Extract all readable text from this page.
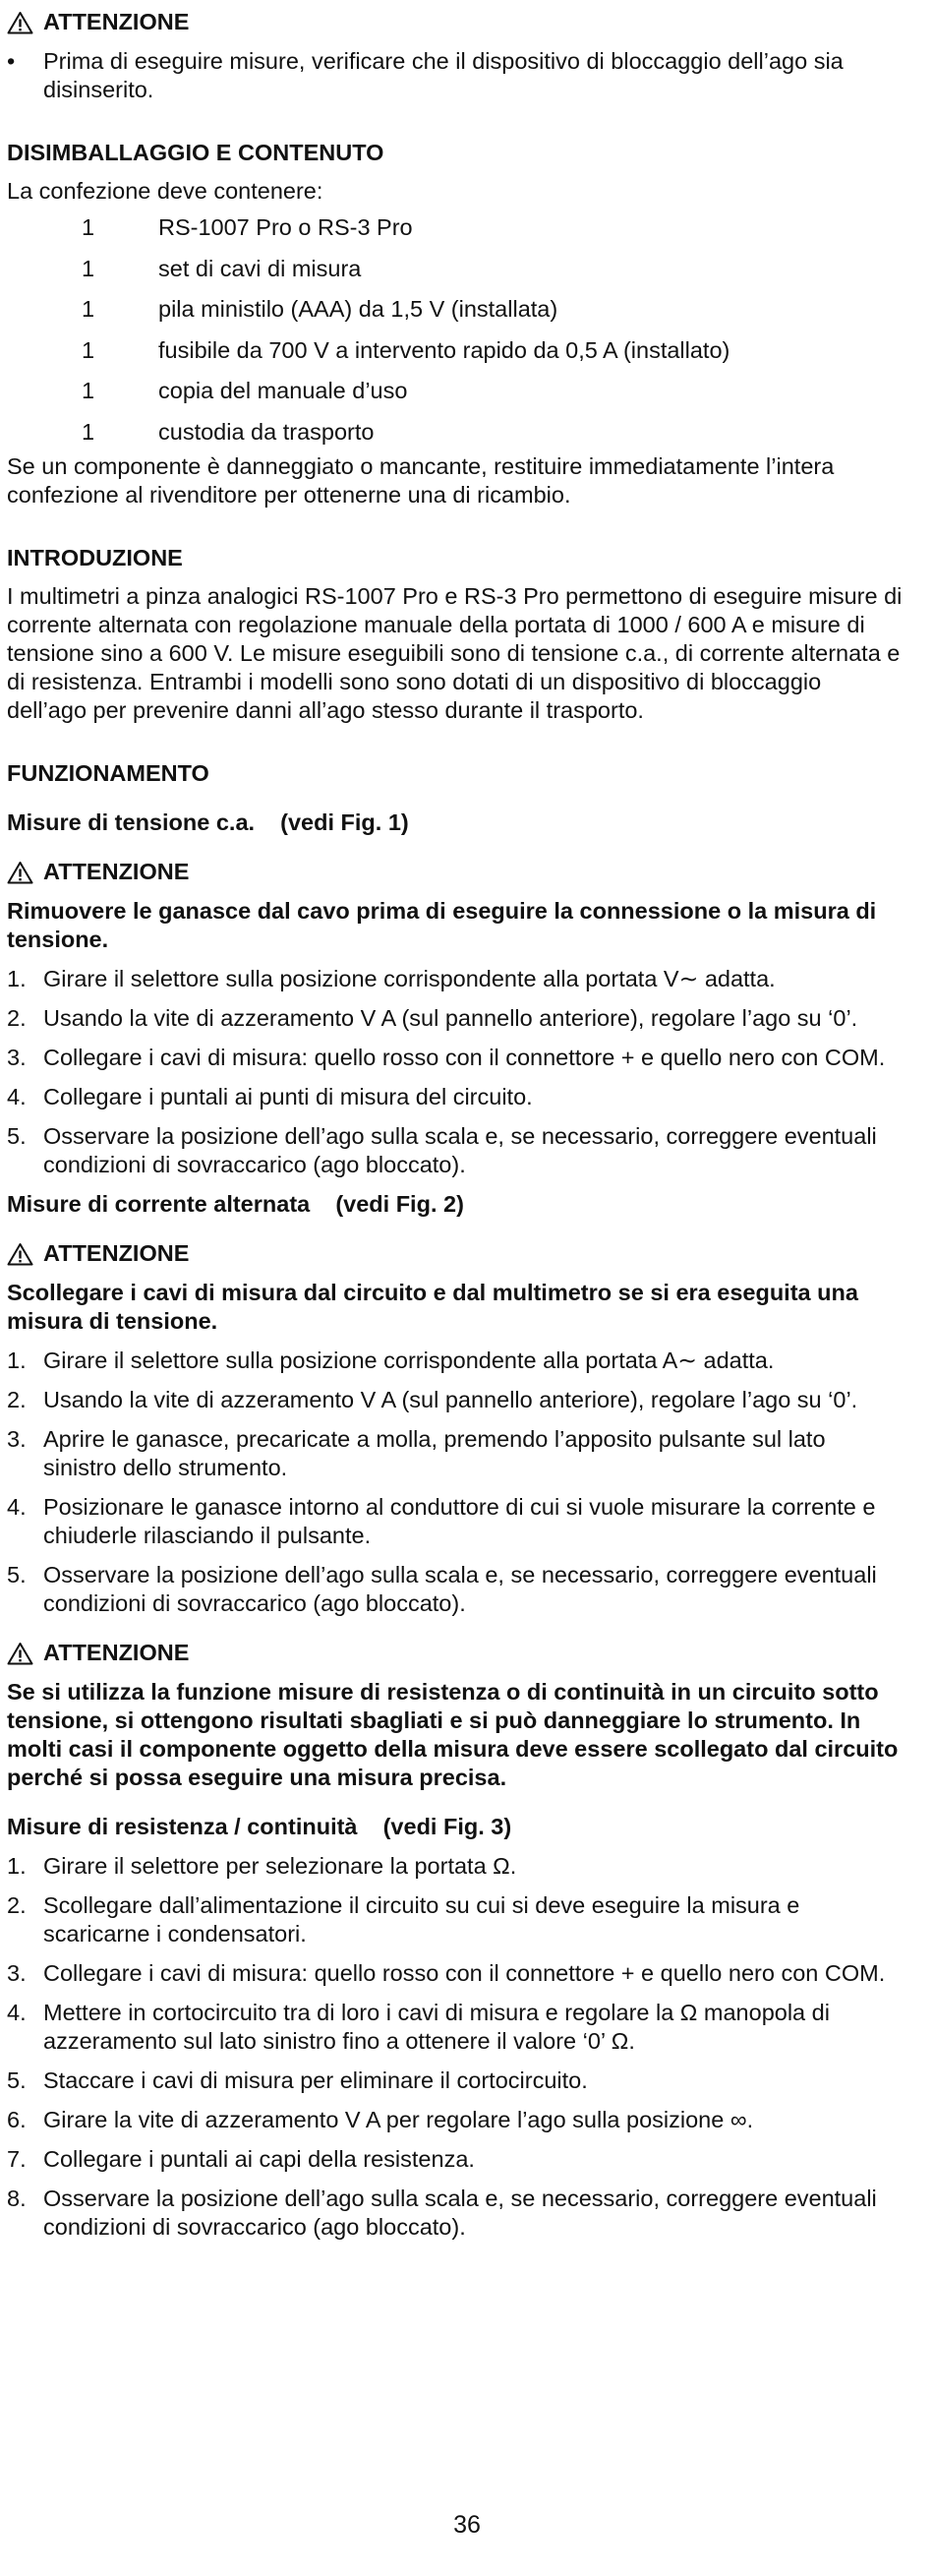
ATTENZIONE
•	Prima di eseguire misure, verificare che il dispositivo di bloccaggio dell’ago sia disinserito.

DISIMBALLAGGIO E CONTENUTO

La confezione deve contenere:

1	RS-1007 Pro o RS-3 Pro
1	set di cavi di misura
1	pila ministilo (AAA) da 1,5 V (installata)
1	fusibile da 700 V a intervento rapido da 0,5 A (installato)
1	copia del manuale d’uso
1	custodia da trasporto

Se un componente è danneggiato o mancante, restituire immediatamente l’intera confezione al rivenditore per ottenerne una di ricambio.

INTRODUZIONE

I multimetri a pinza analogici RS-1007 Pro e RS-3 Pro permettono di eseguire misure di corrente alternata con regolazione manuale della portata di 1000 / 600 A e misure di tensione sino a 600 V. Le misure eseguibili sono di tensione c.a., di corrente alternata e di resistenza. Entrambi i modelli sono sono dotati di un dispositivo di bloccaggio dell’ago per prevenire danni all’ago stesso durante il trasporto.

FUNZIONAMENTO

Misure di tensione c.a.    (vedi Fig. 1)

ATTENZIONE

Rimuovere le ganasce dal cavo prima di eseguire la connessione o la misura di tensione.

1. Girare il selettore sulla posizione corrispondente alla portata V∼ adatta.
2. Usando la vite di azzeramento V A (sul pannello anteriore), regolare l’ago su ‘0’.
3. Collegare i cavi di misura: quello rosso con il connettore + e quello nero con COM.
4. Collegare i puntali ai punti di misura del circuito.
5. Osservare la posizione dell’ago sulla scala e, se necessario, correggere eventuali condizioni di sovraccarico (ago bloccato).

Misure di corrente alternata    (vedi Fig. 2)

ATTENZIONE

Scollegare i cavi di misura dal circuito e dal multimetro se si era eseguita una misura di tensione.

1. Girare il selettore sulla posizione corrispondente alla portata A∼ adatta.
2. Usando la vite di azzeramento V A (sul pannello anteriore), regolare l’ago su ‘0’.
3. Aprire le ganasce, precaricate a molla, premendo l’apposito pulsante sul lato sinistro dello strumento.
4. Posizionare le ganasce intorno al conduttore di cui si vuole misurare la corrente e chiuderle rilasciando il pulsante.
5. Osservare la posizione dell’ago sulla scala e, se necessario, correggere eventuali condizioni di sovraccarico (ago bloccato).
ATTENZIONE

Se si utilizza la funzione misure di resistenza o di continuità in un circuito sotto tensione, si ottengono risultati sbagliati e si può danneggiare lo strumento. In molti casi il componente oggetto della misura deve essere scollegato dal circuito perché si possa eseguire una misura precisa.

Misure di resistenza / continuità    (vedi Fig. 3)

1. Girare il selettore per selezionare la portata Ω.
2. Scollegare dall’alimentazione il circuito su cui si deve eseguire la misura e scaricarne i condensatori.
3. Collegare i cavi di misura: quello rosso con il connettore + e quello nero con COM.
4. Mettere in cortocircuito tra di loro i cavi di misura e regolare la Ω manopola di azzeramento sul lato sinistro fino a ottenere il valore ‘0’ Ω.
5. Staccare i cavi di misura per eliminare il cortocircuito.
6. Girare la vite di azzeramento V A per regolare l’ago sulla posizione ∞.
7. Collegare i puntali ai capi della resistenza.
8. Osservare la posizione dell’ago sulla scala e, se necessario, correggere eventuali condizioni di sovraccarico (ago bloccato).
36
